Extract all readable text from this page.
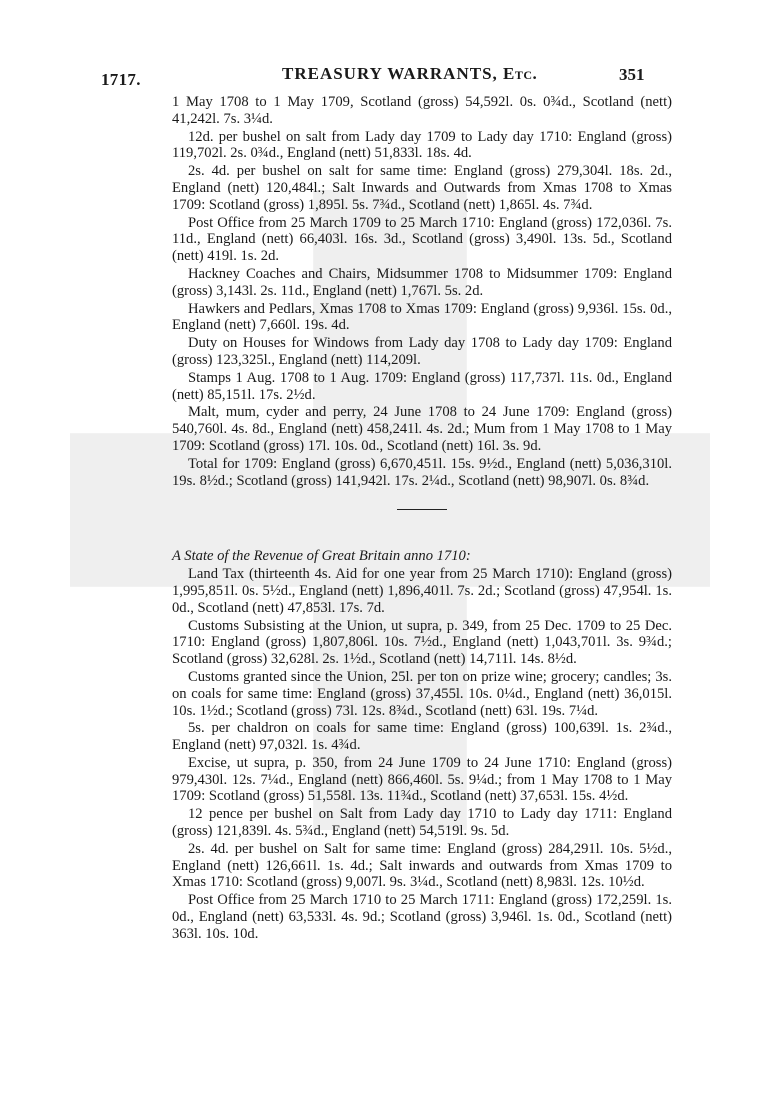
1717.	TREASURY WARRANTS, Etc.	351

1 May 1708 to 1 May 1709, Scotland (gross) 54,592l. 0s. 0¾d., Scotland (nett) 41,242l. 7s. 3¼d.

12d. per bushel on salt from Lady day 1709 to Lady day 1710: England (gross) 119,702l. 2s. 0¾d., England (nett) 51,833l. 18s. 4d.

2s. 4d. per bushel on salt for same time: England (gross) 279,304l. 18s. 2d., England (nett) 120,484l.; Salt Inwards and Outwards from Xmas 1708 to Xmas 1709: Scotland (gross) 1,895l. 5s. 7¾d., Scotland (nett) 1,865l. 4s. 7¾d.

Post Office from 25 March 1709 to 25 March 1710: England (gross) 172,036l. 7s. 11d., England (nett) 66,403l. 16s. 3d., Scotland (gross) 3,490l. 13s. 5d., Scotland (nett) 419l. 1s. 2d.

Hackney Coaches and Chairs, Midsummer 1708 to Midsummer 1709: England (gross) 3,143l. 2s. 11d., England (nett) 1,767l. 5s. 2d.

Hawkers and Pedlars, Xmas 1708 to Xmas 1709: England (gross) 9,936l. 15s. 0d., England (nett) 7,660l. 19s. 4d.

Duty on Houses for Windows from Lady day 1708 to Lady day 1709: England (gross) 123,325l., England (nett) 114,209l.

Stamps 1 Aug. 1708 to 1 Aug. 1709: England (gross) 117,737l. 11s. 0d., England (nett) 85,151l. 17s. 2½d.

Malt, mum, cyder and perry, 24 June 1708 to 24 June 1709: England (gross) 540,760l. 4s. 8d., England (nett) 458,241l. 4s. 2d.; Mum from 1 May 1708 to 1 May 1709: Scotland (gross) 17l. 10s. 0d., Scotland (nett) 16l. 3s. 9d.

Total for 1709: England (gross) 6,670,451l. 15s. 9½d., England (nett) 5,036,310l. 19s. 8½d.; Scotland (gross) 141,942l. 17s. 2¼d., Scotland (nett) 98,907l. 0s. 8¾d.

A State of the Revenue of Great Britain anno 1710:

Land Tax (thirteenth 4s. Aid for one year from 25 March 1710): England (gross) 1,995,851l. 0s. 5½d., England (nett) 1,896,401l. 7s. 2d.; Scotland (gross) 47,954l. 1s. 0d., Scotland (nett) 47,853l. 17s. 7d.

Customs Subsisting at the Union, ut supra, p. 349, from 25 Dec. 1709 to 25 Dec. 1710: England (gross) 1,807,806l. 10s. 7½d., England (nett) 1,043,701l. 3s. 9¾d.; Scotland (gross) 32,628l. 2s. 1½d., Scotland (nett) 14,711l. 14s. 8½d.

Customs granted since the Union, 25l. per ton on prize wine; grocery; candles; 3s. on coals for same time: England (gross) 37,455l. 10s. 0¼d., England (nett) 36,015l. 10s. 1½d.; Scotland (gross) 73l. 12s. 8¾d., Scotland (nett) 63l. 19s. 7¼d.

5s. per chaldron on coals for same time: England (gross) 100,639l. 1s. 2¾d., England (nett) 97,032l. 1s. 4¾d.

Excise, ut supra, p. 350, from 24 June 1709 to 24 June 1710: England (gross) 979,430l. 12s. 7¼d., England (nett) 866,460l. 5s. 9¼d.; from 1 May 1708 to 1 May 1709: Scotland (gross) 51,558l. 13s. 11¾d., Scotland (nett) 37,653l. 15s. 4½d.

12 pence per bushel on Salt from Lady day 1710 to Lady day 1711: England (gross) 121,839l. 4s. 5¾d., England (nett) 54,519l. 9s. 5d.

2s. 4d. per bushel on Salt for same time: England (gross) 284,291l. 10s. 5½d., England (nett) 126,661l. 1s. 4d.; Salt inwards and outwards from Xmas 1709 to Xmas 1710: Scotland (gross) 9,007l. 9s. 3¼d., Scotland (nett) 8,983l. 12s. 10½d.

Post Office from 25 March 1710 to 25 March 1711: England (gross) 172,259l. 1s. 0d., England (nett) 63,533l. 4s. 9d.; Scotland (gross) 3,946l. 1s. 0d., Scotland (nett) 363l. 10s. 10d.
